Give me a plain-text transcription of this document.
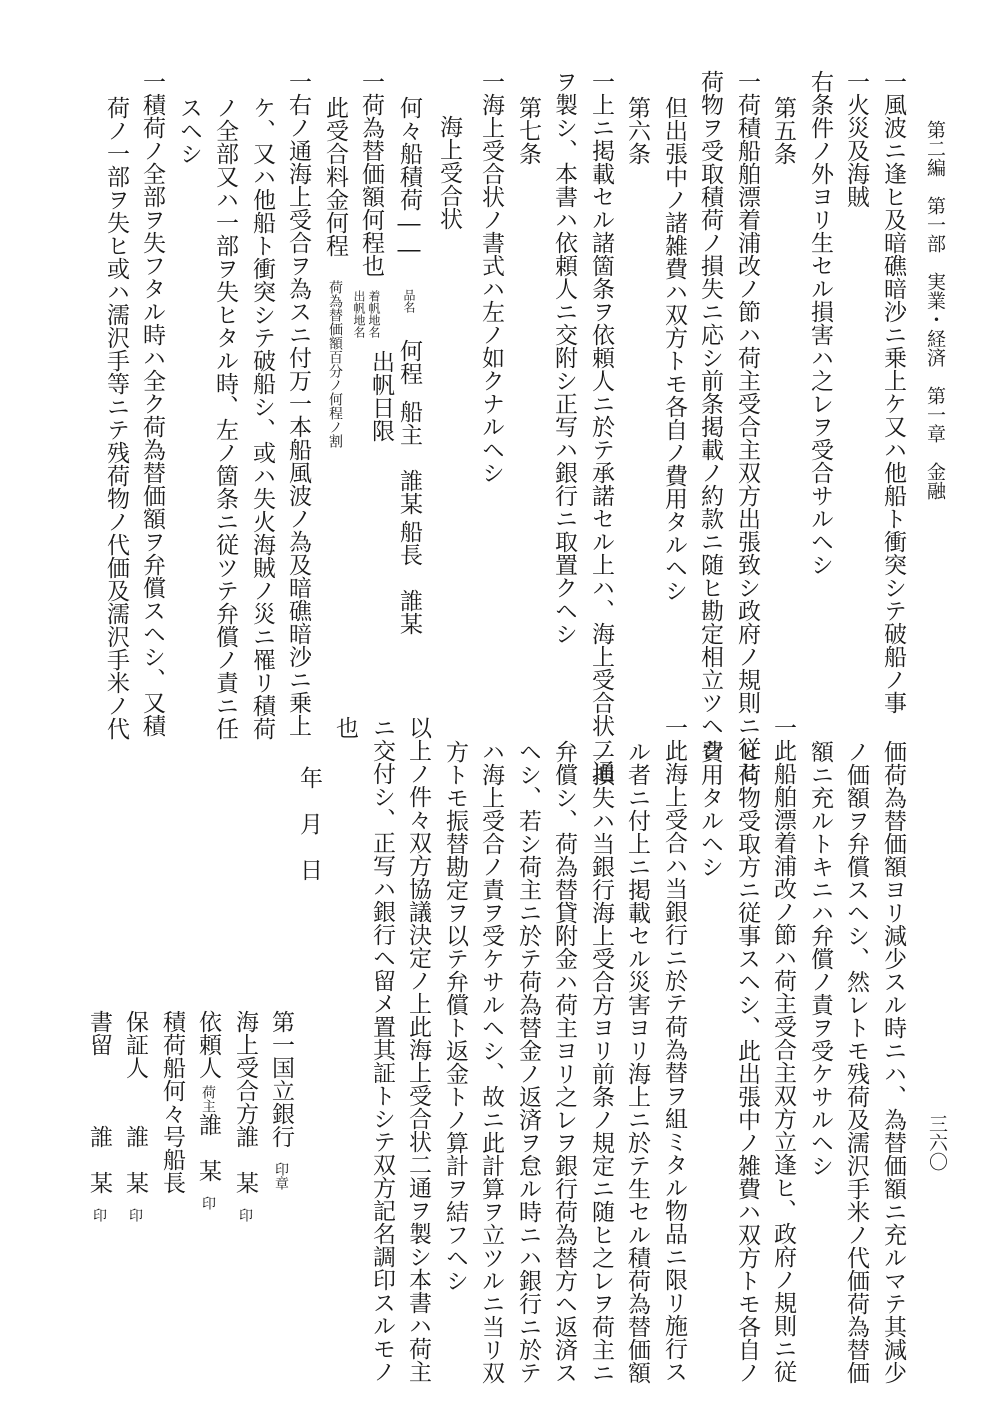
第二編　第一部　実業・経済　第一章　金融
三六〇
一風波ニ逢ヒ及暗礁暗沙ニ乗上ケ又ハ他船ト衝突シテ破船ノ事
一火災及海賊
右条件ノ外ヨリ生セル損害ハ之レヲ受合サルヘシ
第五条
一荷積船舶漂着浦改ノ節ハ荷主受合主双方出張致シ政府ノ規則ニ従ヒ
荷物ヲ受取積荷ノ損失ニ応シ前条掲載ノ約款ニ随ヒ勘定相立ツヘシ
但出張中ノ諸雑費ハ双方トモ各自ノ費用タルヘシ
第六条
一上ニ掲載セル諸箇条ヲ依頼人ニ於テ承諾セル上ハ、海上受合状二通
ヲ製シ、本書ハ依頼人ニ交附シ正写ハ銀行ニ取置クヘシ
第七条
一海上受合状ノ書式ハ左ノ如クナルヘシ
海上受合状
何々船積荷―― 品名 何程
船主　誰某
船長　誰某
一荷為替価額何程也
出帆地名 着帆地名
出帆日限
此受合料金何程
荷為替価額百分ノ何程ノ割
一右ノ通海上受合ヲ為スニ付万一本船風波ノ為及暗礁暗沙ニ乗上
ケ、又ハ他船ト衝突シテ破船シ、或ハ失火海賊ノ災ニ罹リ積荷
ノ全部又ハ一部ヲ失ヒタル時、左ノ箇条ニ従ツテ弁償ノ責ニ任
スヘシ
一積荷ノ全部ヲ失フタル時ハ全ク荷為替価額ヲ弁償スヘシ、又積
荷ノ一部ヲ失ヒ或ハ濡沢手等ニテ残荷物ノ代価及濡沢手米ノ代
価荷為替価額ヨリ減少スル時ニハ、為替価額ニ充ルマテ其減少
ノ価額ヲ弁償スヘシ、然レトモ残荷及濡沢手米ノ代価荷為替価
額ニ充ルトキニハ弁償ノ責ヲ受ケサルヘシ
一此船舶漂着浦改ノ節ハ荷主受合主双方立逢ヒ、政府ノ規則ニ従
ヒ荷物受取方ニ従事スヘシ、此出張中ノ雑費ハ双方トモ各自ノ
費用タルヘシ
一此海上受合ハ当銀行ニ於テ荷為替ヲ組ミタル物品ニ限リ施行ス
ル者ニ付上ニ掲載セル災害ヨリ海上ニ於テ生セル積荷為替価額
ノ損失ハ当銀行海上受合方ヨリ前条ノ規定ニ随ヒ之レヲ荷主ニ
弁償シ、荷為替貸附金ハ荷主ヨリ之レヲ銀行荷為替方ヘ返済ス
ヘシ、若シ荷主ニ於テ荷為替金ノ返済ヲ怠ル時ニハ銀行ニ於テ
ハ海上受合ノ責ヲ受ケサルヘシ、故ニ此計算ヲ立ツルニ当リ双
方トモ振替勘定ヲ以テ弁償ト返金トノ算計ヲ結フヘシ
以上ノ件々双方協議決定ノ上此海上受合状二通ヲ製シ本書ハ荷主
ニ交付シ、正写ハ銀行ヘ留メ置其証トシテ双方記名調印スルモノ
也
年　月　日
第一国立銀行印章
海上受合方誰　某印
依頼人荷主誰　某印
積荷船何々号船長
保証人　　誰　某印
書留　　　誰　某印
